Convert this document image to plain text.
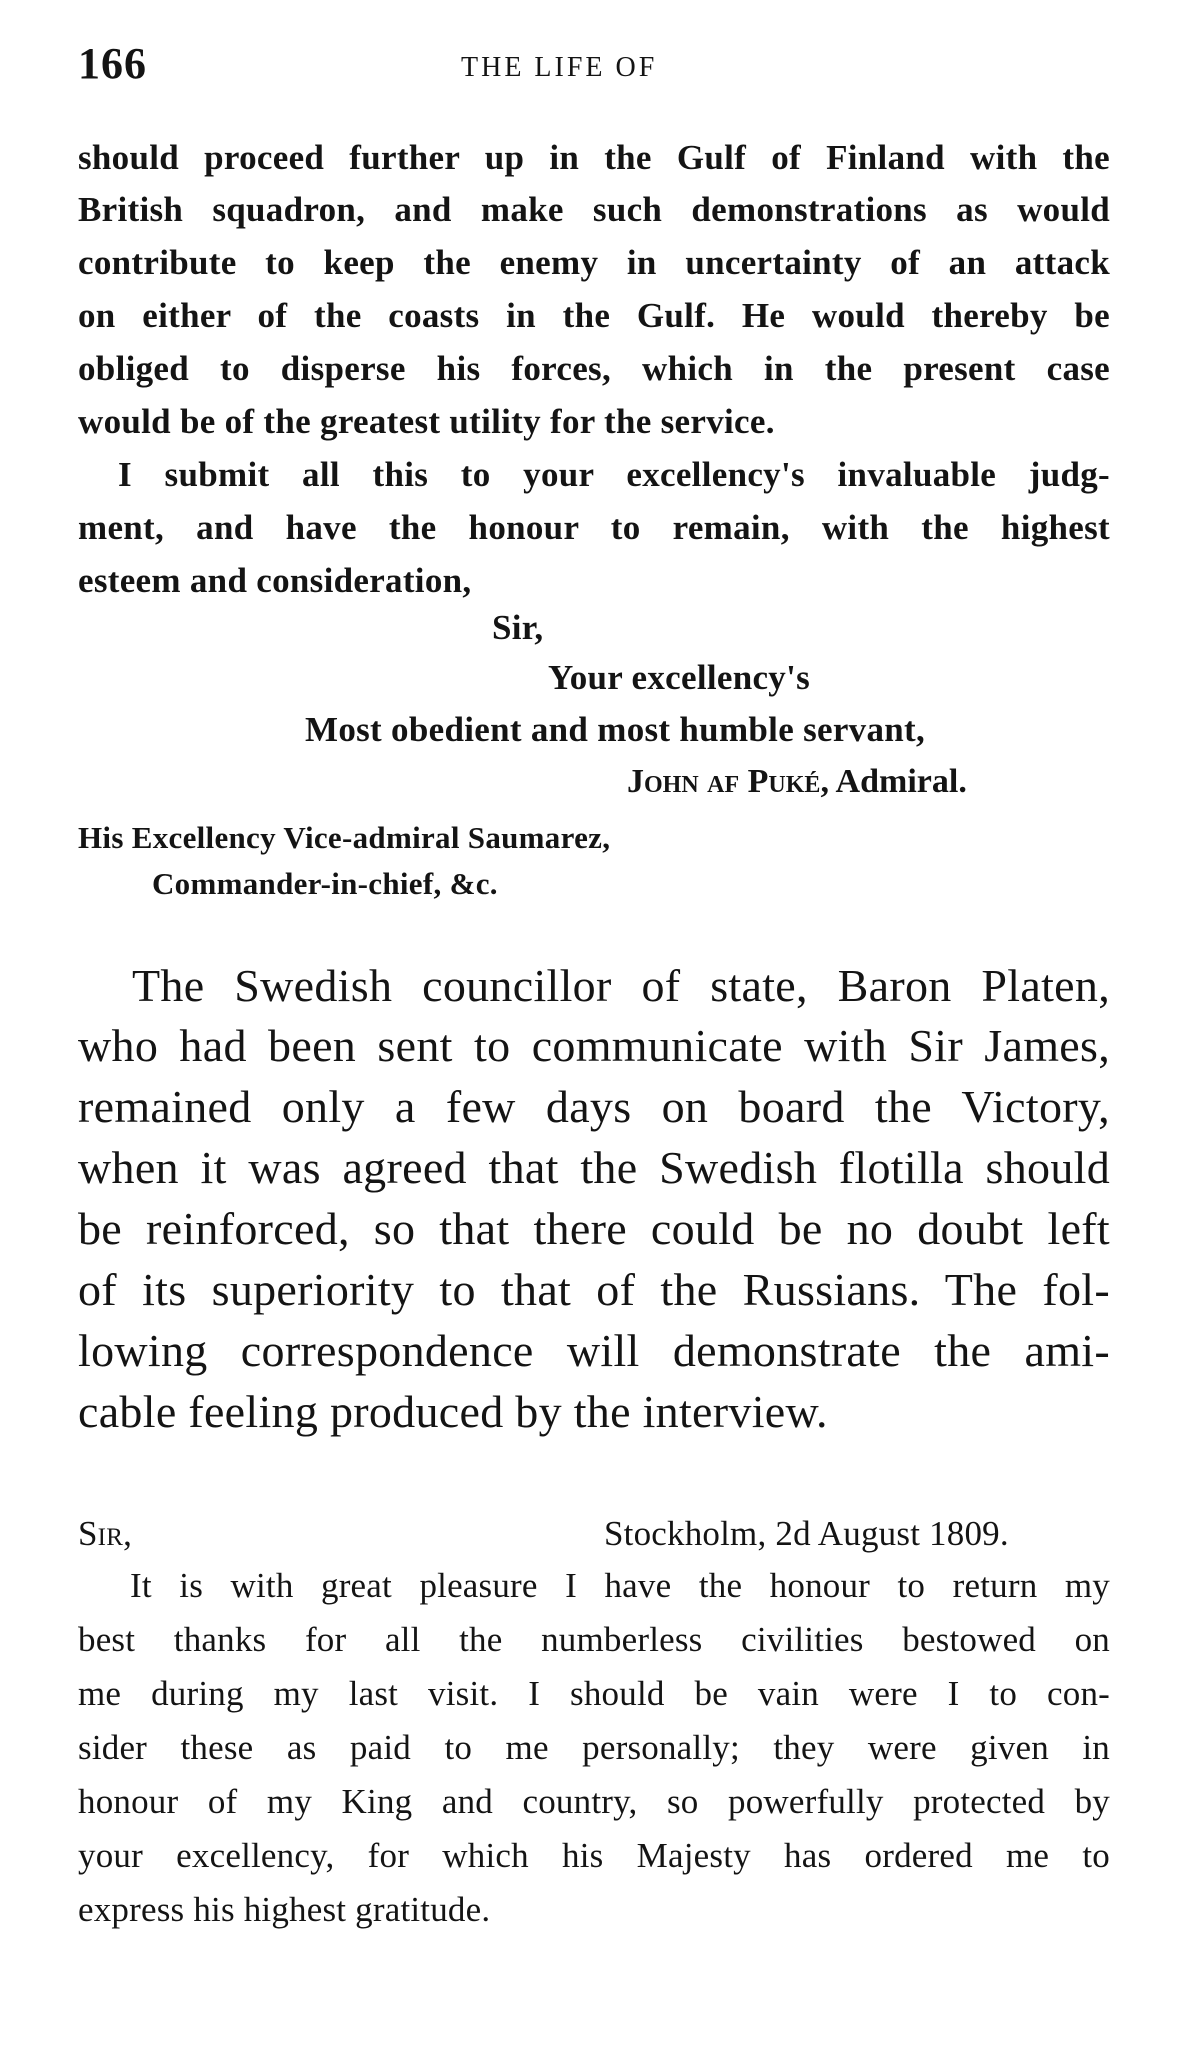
166	THE LIFE OF
should proceed further up in the Gulf of Finland with the
British squadron, and make such demonstrations as would
contribute to keep the enemy in uncertainty of an attack
on either of the coasts in the Gulf. He would thereby be
obliged to disperse his forces, which in the present case
would be of the greatest utility for the service.
I submit all this to your excellency's invaluable judg-
ment, and have the honour to remain, with the highest
esteem and consideration,
Sir,
Your excellency's
Most obedient and most humble servant,
John af Puké, Admiral.
His Excellency Vice-admiral Saumarez,
Commander-in-chief, &c.
The Swedish councillor of state, Baron Platen,
who had been sent to communicate with Sir James,
remained only a few days on board the Victory,
when it was agreed that the Swedish flotilla should
be reinforced, so that there could be no doubt left
of its superiority to that of the Russians. The fol-
lowing correspondence will demonstrate the ami-
cable feeling produced by the interview.
Sir,	Stockholm, 2d August 1809.
It is with great pleasure I have the honour to return my
best thanks for all the numberless civilities bestowed on
me during my last visit. I should be vain were I to con-
sider these as paid to me personally; they were given in
honour of my King and country, so powerfully protected by
your excellency, for which his Majesty has ordered me to
express his highest gratitude.
